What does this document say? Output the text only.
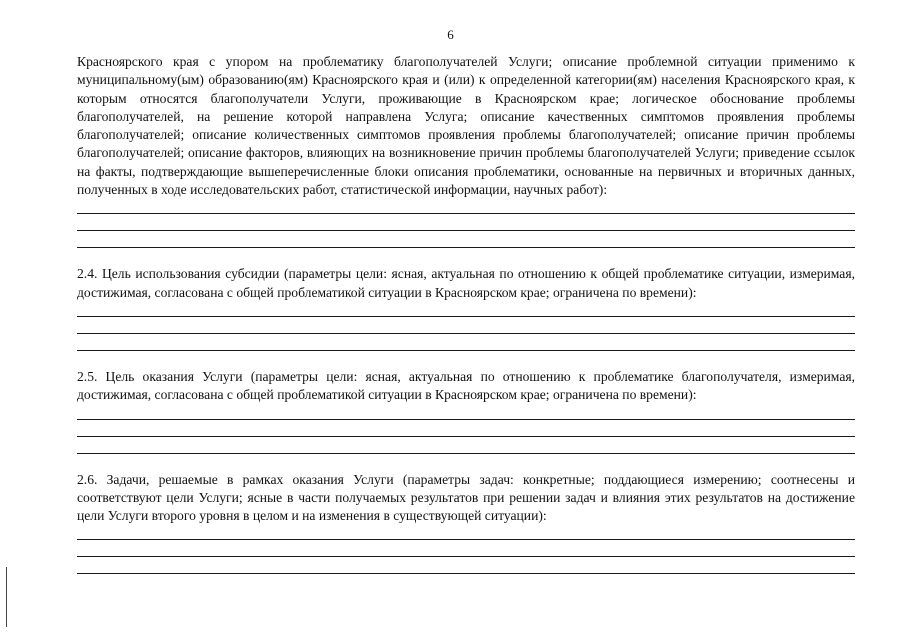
6

Красноярского края с упором на проблематику благополучателей Услуги; описание проблемной ситуации применимо к муниципальному(ым) образованию(ям) Красноярского края и (или) к определенной категории(ям) населения Красноярского края, к которым относятся благополучатели Услуги, проживающие в Красноярском крае; логическое обоснование проблемы благополучателей, на решение которой направлена Услуга; описание качественных симптомов проявления проблемы благополучателей; описание количественных симптомов проявления проблемы благополучателей; описание причин проблемы благополучателей; описание факторов, влияющих на возникновение причин проблемы благополучателей Услуги; приведение ссылок на факты, подтверждающие вышеперечисленные блоки описания проблематики, основанные на первичных и вторичных данных, полученных в ходе исследовательских работ, статистической информации, научных работ):

2.4. Цель использования субсидии (параметры цели: ясная, актуальная по отношению к общей проблематике ситуации, измеримая, достижимая, согласована с общей проблематикой ситуации в Красноярском крае; ограничена по времени):

2.5. Цель оказания Услуги (параметры цели: ясная, актуальная по отношению к проблематике благополучателя, измеримая, достижимая, согласована с общей проблематикой ситуации в Красноярском крае; ограничена по времени):

2.6. Задачи, решаемые в рамках оказания Услуги (параметры задач: конкретные; поддающиеся измерению; соотнесены и соответствуют цели Услуги; ясные в части получаемых результатов при решении задач и влияния этих результатов на достижение цели Услуги второго уровня в целом и на изменения в существующей ситуации):
